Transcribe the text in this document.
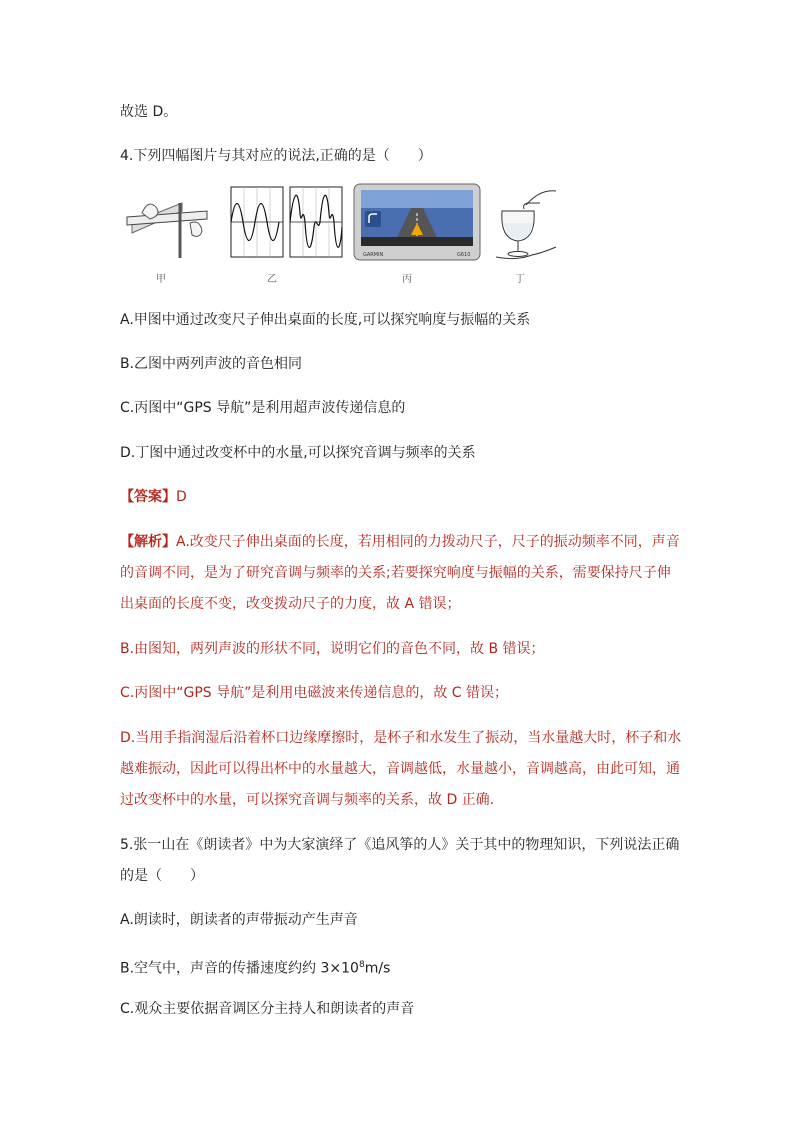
故选 D。
4.下列四幅图片与其对应的说法,正确的是（　　）
GARMIN	G610
甲	乙	丙	丁
A.甲图中通过改变尺子伸出桌面的长度,可以探究响度与振幅的关系
B.乙图中两列声波的音色相同
C.丙图中“GPS 导航”是利用超声波传递信息的
D.丁图中通过改变杯中的水量,可以探究音调与频率的关系
【答案】D
【解析】A.改变尺子伸出桌面的长度，若用相同的力拨动尺子，尺子的振动频率不同，声音
的音调不同，是为了研究音调与频率的关系;若要探究响度与振幅的关系，需要保持尺子伸
出桌面的长度不变，改变拨动尺子的力度，故 A 错误；
B.由图知，两列声波的形状不同，说明它们的音色不同，故 B 错误；
C.丙图中“GPS 导航”是利用电磁波来传递信息的，故 C 错误；
D.当用手指润湿后沿着杯口边缘摩擦时，是杯子和水发生了振动，当水量越大时，杯子和水
越难振动，因此可以得出杯中的水量越大，音调越低，水量越小，音调越高，由此可知，通
过改变杯中的水量，可以探究音调与频率的关系，故 D 正确.
5.张一山在《朗读者》中为大家演绎了《追风筝的人》关于其中的物理知识，下列说法正确
的是（　　）
A.朗读时，朗读者的声带振动产生声音
B.空气中，声音的传播速度约约 $3\times 10^8m/s$
C.观众主要依据音调区分主持人和朗读者的声音
